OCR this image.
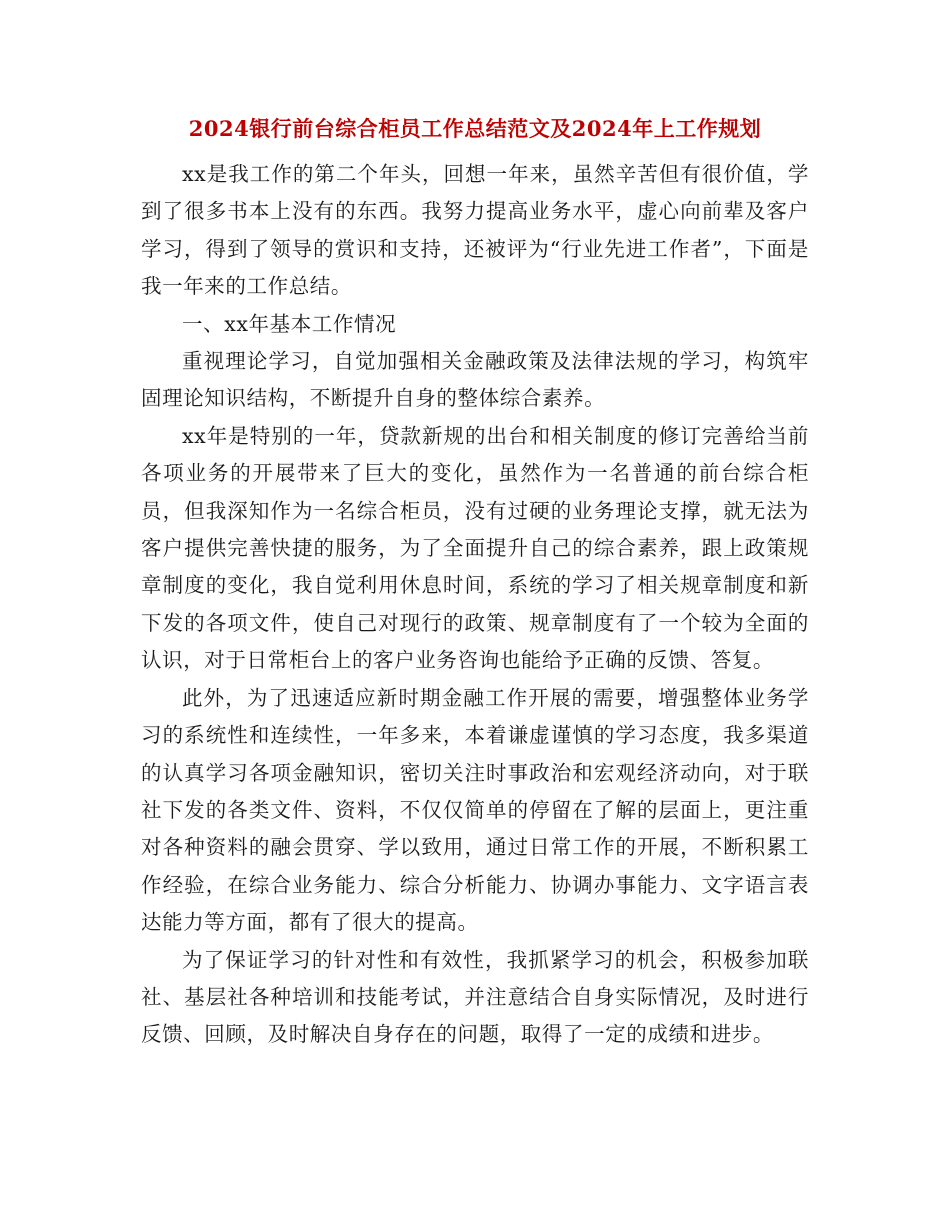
2024银行前台综合柜员工作总结范文及2024年上工作规划

xx是我工作的第二个年头，回想一年来，虽然辛苦但有很价值，学到了很多书本上没有的东西。我努力提高业务水平，虚心向前辈及客户学习，得到了领导的赏识和支持，还被评为“行业先进工作者”，下面是我一年来的工作总结。

一、xx年基本工作情况

重视理论学习，自觉加强相关金融政策及法律法规的学习，构筑牢固理论知识结构，不断提升自身的整体综合素养。

xx年是特别的一年，贷款新规的出台和相关制度的修订完善给当前各项业务的开展带来了巨大的变化，虽然作为一名普通的前台综合柜员，但我深知作为一名综合柜员，没有过硬的业务理论支撑，就无法为客户提供完善快捷的服务，为了全面提升自己的综合素养，跟上政策规章制度的变化，我自觉利用休息时间，系统的学习了相关规章制度和新下发的各项文件，使自己对现行的政策、规章制度有了一个较为全面的认识，对于日常柜台上的客户业务咨询也能给予正确的反馈、答复。

此外，为了迅速适应新时期金融工作开展的需要，增强整体业务学习的系统性和连续性，一年多来，本着谦虚谨慎的学习态度，我多渠道的认真学习各项金融知识，密切关注时事政治和宏观经济动向，对于联社下发的各类文件、资料，不仅仅简单的停留在了解的层面上，更注重对各种资料的融会贯穿、学以致用，通过日常工作的开展，不断积累工作经验，在综合业务能力、综合分析能力、协调办事能力、文字语言表达能力等方面，都有了很大的提高。

为了保证学习的针对性和有效性，我抓紧学习的机会，积极参加联社、基层社各种培训和技能考试，并注意结合自身实际情况，及时进行反馈、回顾，及时解决自身存在的问题，取得了一定的成绩和进步。
